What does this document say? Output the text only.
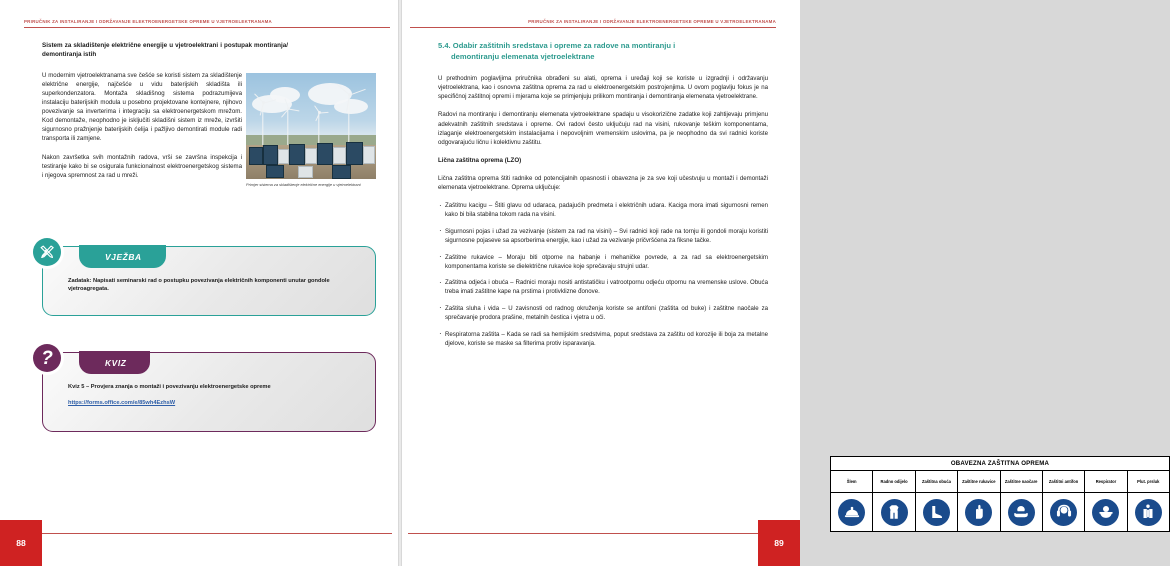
PRIRUČNIK ZA INSTALIRANJE I ODRŽAVANJE ELEKTROENERGETSKE OPREME U VJETROELEKTRANAMA
Primjer sistema za skladištenje električne energije u vjetroelektrani
Sistem za skladištenje električne energije u vjetroelektrani i postupak montiranja/ demontiranja istih

U modernim vjetroelektranama sve češće se koristi sistem za skladištenje električne energije, najčešće u vidu baterijskih skladišta ili superkondenzatora. Montaža skladišnog sistema podrazumijeva instalaciju baterijskih modula u posebno projektovane kontejnere, njihovo povezivanje sa inverterima i integraciju sa elektroenergetskom mrežom. Kod demontaže, neophodno je isključiti skladišni sistem iz mreže, izvršiti sigurnosno pražnjenje baterijskih ćelija i pažljivo demontirati module radi transporta ili zamjene.

Nakon završetka svih montažnih radova, vrši se završna inspekcija i testiranje kako bi se osigurala funkcionalnost elektroenergetskog sistema i njegova spremnost za rad u mreži.

VJEŽBA
Zadatak: Napisati seminarski rad o postupku povezivanja električnih komponenti unutar gondole vjetroagregata.
?	KVIZ
Kviz 5 – Provjera znanja o montaži i povezivanju elektroenergetske opreme
https://forms.office.com/e/85wh4EzhsW
88
PRIRUČNIK ZA INSTALIRANJE I ODRŽAVANJE ELEKTROENERGETSKE OPREME U VJETROELEKTRANAMA
5.4. Odabir zaštitnih sredstava i opreme za radove na montiranju i
demontiranju elemenata vjetroelektrane

U prethodnim poglavljima priručnika obrađeni su alati, oprema i uređaji koji se koriste u izgradnji i održavanju vjetroelektrana, kao i osnovna zaštitna oprema za rad u elektroenergetskim postrojenjima. U ovom poglavlju fokus je na specifičnoj zaštitnoj opremi i mjerama koje se primjenjuju prilikom montiranja i demontiranja elemenata vjetroelektrane.

Radovi na montiranju i demontiranju elemenata vjetroelektrane spadaju u visokorizične zadatke koji zahtijevaju primjenu adekvatnih zaštitnih sredstava i opreme. Ovi radovi često uključuju rad na visini, rukovanje teškim komponentama, izlaganje elektroenergetskim instalacijama i nepovoljnim vremenskim uslovima, pa je neophodno da svi radnici koriste odgovarajuću ličnu i kolektivnu zaštitu.

Lična zaštitna oprema (LZO)

Lična zaštitna oprema štiti radnike od potencijalnih opasnosti i obavezna je za sve koji učestvuju u montaži i demontaži elemenata vjetroelektrane. Oprema uključuje:

· Zaštitnu kacigu – Štiti glavu od udaraca, padajućih predmeta i električnih udara. Kaciga mora imati sigurnosni remen kako bi bila stabilna tokom rada na visini.
· Sigurnosni pojas i užad za vezivanje (sistem za rad na visini) – Svi radnici koji rade na tornju ili gondoli moraju koristiti sigurnosne pojaseve sa apsorberima energije, kao i užad za vezivanje pričvršćena za fiksne tačke.
· Zaštitne rukavice – Moraju biti otporne na habanje i mehaničke povrede, a za rad sa elektroenergetskim komponentama koriste se dielektrične rukavice koje sprečavaju strujni udar.
· Zaštitna odjeća i obuća – Radnici moraju nositi antistatičku i vatrootpornu odjeću otpornu na vremenske uslove. Obuća treba imati zaštitne kape na prstima i protivklizne đonove.
· Zaštita sluha i vida – U zavisnosti od radnog okruženja koriste se antifoni (zaštita od buke) i zaštitne naočale za sprečavanje prodora prašine, metalnih čestica i vjetra u oči.
· Respiratorna zaštita – Kada se radi sa hemijskim sredstvima, poput sredstava za zaštitu od korozije ili boja za metalne djelove, koriste se maske sa filterima protiv isparavanja.
OBAVEZNA ZAŠTITNA OPREMA
Šlem	Radno odijelo	Zaštitna obuća	Zaštitne rukavice	Zaštitne naočare	Zaštitni antifon	Respirator	Plut. prsluk
89
